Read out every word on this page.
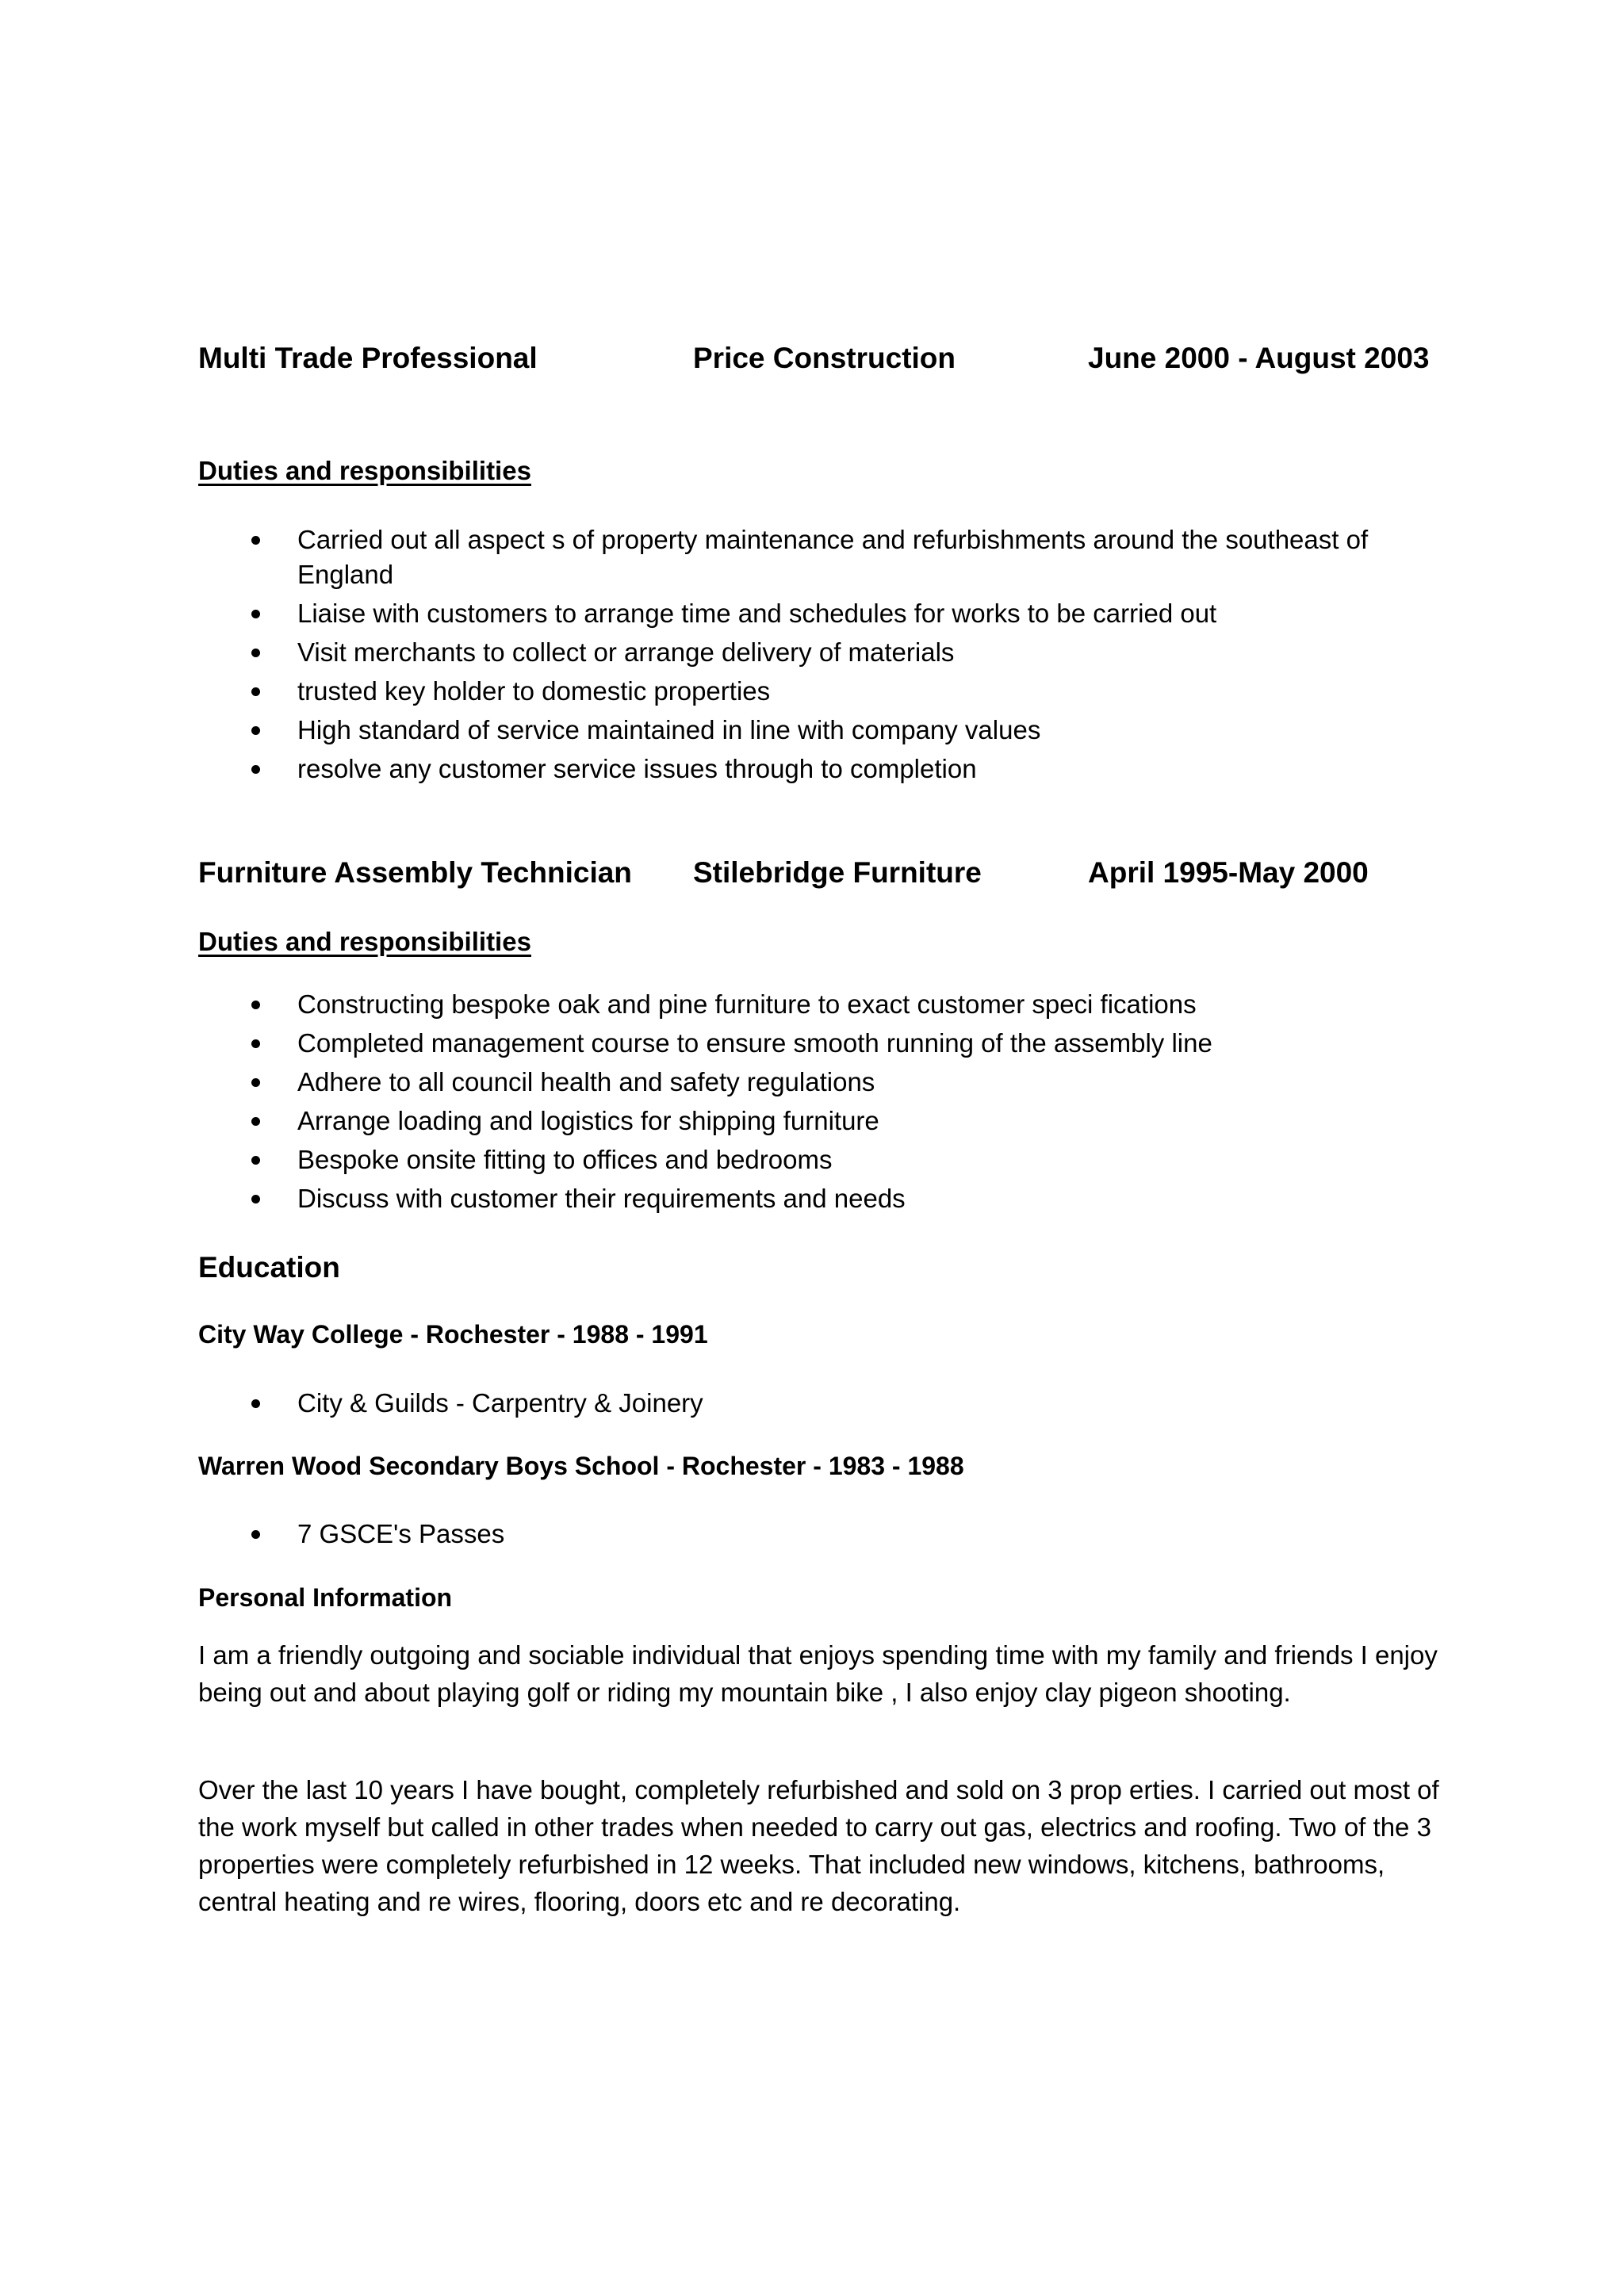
Multi Trade Professional	Price Construction	June 2000 - August 2003
Duties and responsibilities
Carried out all aspect s of property maintenance and refurbishments around the southeast of England
Liaise with customers to arrange time and schedules for works to be carried out
Visit merchants to collect or arrange delivery of materials
trusted key holder to domestic properties
High standard of service maintained in line with company values
resolve any customer service issues through to completion
Furniture Assembly Technician Stilebridge Furniture	April 1995-May 2000
Duties and responsibilities
Constructing bespoke oak and pine furniture to exact customer speci fications
Completed management course to ensure smooth running of the assembly line
Adhere to all council health and safety regulations
Arrange loading and logistics for shipping furniture
Bespoke onsite fitting to offices and bedrooms
Discuss with customer their requirements and needs
Education
City Way College - Rochester - 1988 - 1991
City & Guilds - Carpentry & Joinery
Warren Wood Secondary Boys School - Rochester - 1983 - 1988
7 GSCE's Passes
Personal Information

I am a friendly outgoing and sociable individual that enjoys spending time with my family and friends I enjoy being out and about playing golf or riding my mountain bike , I also enjoy clay pigeon shooting.

Over the last 10 years I have bought, completely refurbished and sold on 3 prop erties. I carried out most of the work myself but called in other trades when needed to carry out gas, electrics and roofing. Two of the 3 properties were completely refurbished in 12 weeks. That included new windows, kitchens, bathrooms, central heating and re wires, flooring, doors etc and re decorating.
